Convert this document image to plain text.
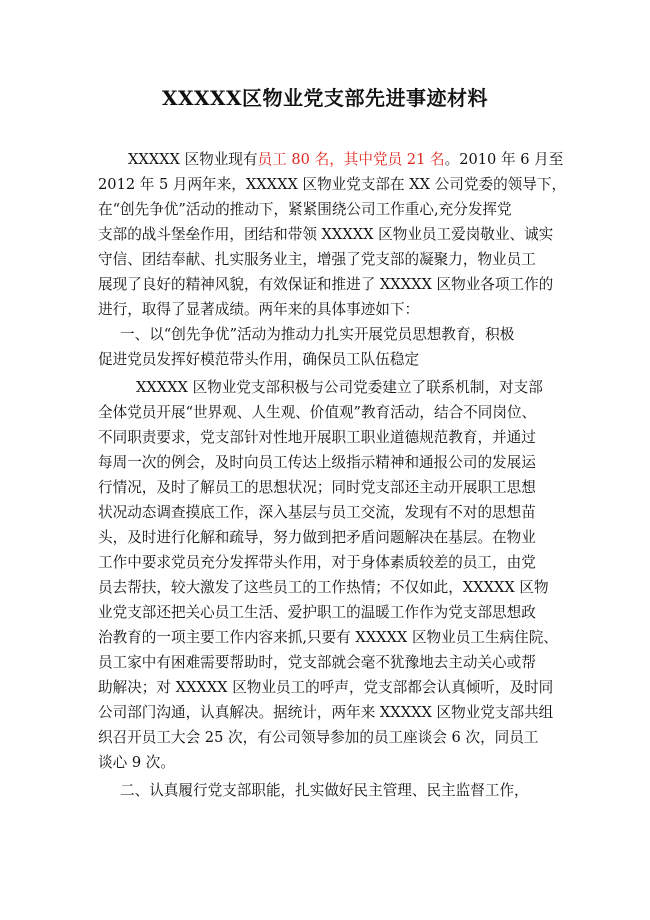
XXXXX区物业党支部先进事迹材料
XXXXX 区物业现有员工 80 名，其中党员 21 名。2010 年 6 月至
2012 年 5 月两年来，XXXXX 区物业党支部在 XX 公司党委的领导下，
在“创先争优”活动的推动下，紧紧围绕公司工作重心,充分发挥党
支部的战斗堡垒作用，团结和带领 XXXXX 区物业员工爱岗敬业、诚实
守信、团结奉献、扎实服务业主，增强了党支部的凝聚力，物业员工
展现了良好的精神风貌，有效保证和推进了 XXXXX 区物业各项工作的
进行，取得了显著成绩。两年来的具体事迹如下：
一、以“创先争优”活动为推动力扎实开展党员思想教育，积极
促进党员发挥好模范带头作用，确保员工队伍稳定
XXXXX 区物业党支部积极与公司党委建立了联系机制，对支部
全体党员开展“世界观、人生观、价值观”教育活动，结合不同岗位、
不同职责要求，党支部针对性地开展职工职业道德规范教育，并通过
每周一次的例会，及时向员工传达上级指示精神和通报公司的发展运
行情况，及时了解员工的思想状况；同时党支部还主动开展职工思想
状况动态调查摸底工作，深入基层与员工交流，发现有不对的思想苗
头，及时进行化解和疏导，努力做到把矛盾问题解决在基层。在物业
工作中要求党员充分发挥带头作用，对于身体素质较差的员工，由党
员去帮扶，较大激发了这些员工的工作热情；不仅如此，XXXXX 区物
业党支部还把关心员工生活、爱护职工的温暖工作作为党支部思想政
治教育的一项主要工作内容来抓,只要有 XXXXX 区物业员工生病住院、
员工家中有困难需要帮助时，党支部就会毫不犹豫地去主动关心或帮
助解决；对 XXXXX 区物业员工的呼声，党支部都会认真倾听，及时同
公司部门沟通，认真解决。据统计，两年来 XXXXX 区物业党支部共组
织召开员工大会 25 次，有公司领导参加的员工座谈会 6 次，同员工
谈心 9 次。
二、认真履行党支部职能，扎实做好民主管理、民主监督工作，
